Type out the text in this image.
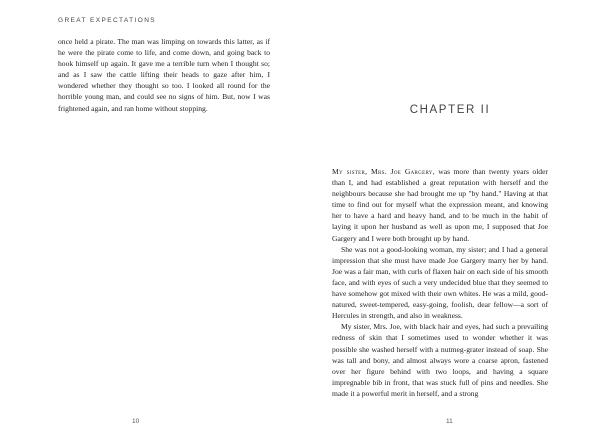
GREAT EXPECTATIONS

once held a pirate. The man was limping on towards this latter, as if he were the pirate come to life, and come down, and going back to hook himself up again. It gave me a terrible turn when I thought so; and as I saw the cattle lifting their heads to gaze after him, I wondered whether they thought so too. I looked all round for the horrible young man, and could see no signs of him. But, now I was frightened again, and ran home without stopping.

10
CHAPTER II

My sister, Mrs. Joe Gargery, was more than twenty years older than I, and had established a great reputation with herself and the neighbours because she had brought me up "by hand." Having at that time to find out for myself what the expression meant, and knowing her to have a hard and heavy hand, and to be much in the habit of laying it upon her husband as well as upon me, I supposed that Joe Gargery and I were both brought up by hand.

She was not a good-looking woman, my sister; and I had a general impression that she must have made Joe Gargery marry her by hand. Joe was a fair man, with curls of flaxen hair on each side of his smooth face, and with eyes of such a very undecided blue that they seemed to have somehow got mixed with their own whites. He was a mild, good-natured, sweet-tempered, easy-going, foolish, dear fellow—a sort of Hercules in strength, and also in weakness.

My sister, Mrs. Joe, with black hair and eyes, had such a prevailing redness of skin that I sometimes used to wonder whether it was possible she washed herself with a nutmeg-grater instead of soap. She was tall and bony, and almost always wore a coarse apron, fastened over her figure behind with two loops, and having a square impregnable bib in front, that was stuck full of pins and needles. She made it a powerful merit in herself, and a strong

11
